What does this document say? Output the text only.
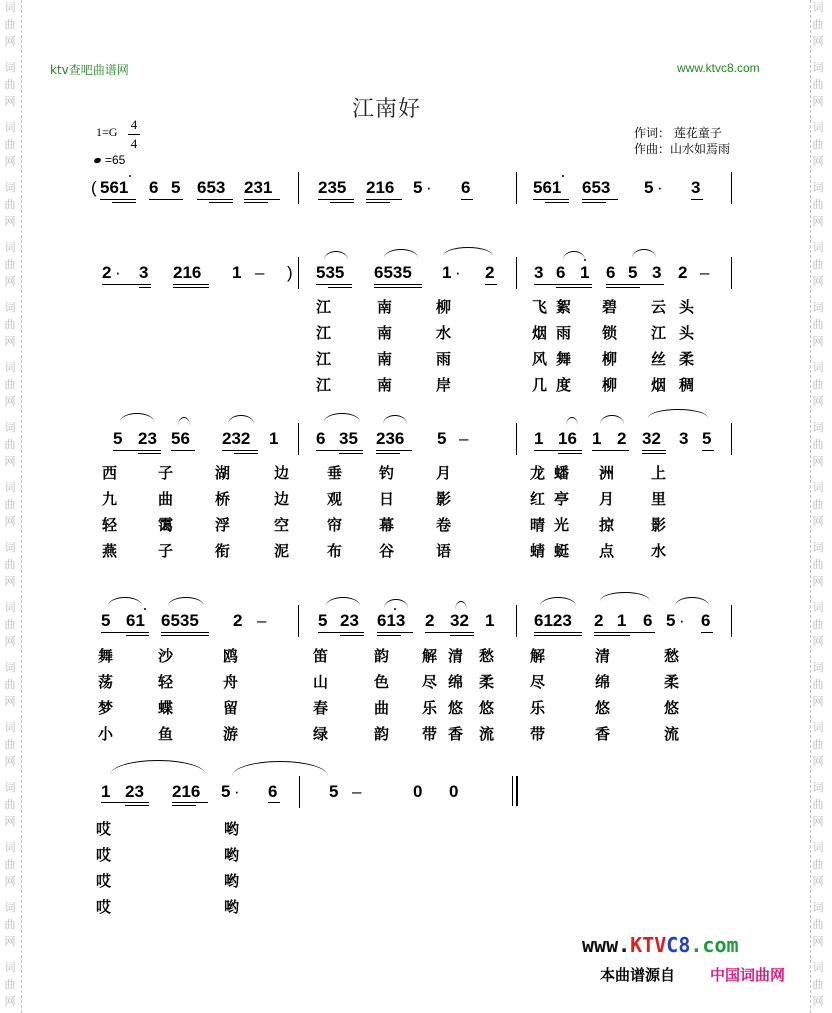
词
曲
网
词
曲
网
词
曲
网
词
曲
网
词
曲
网
词
曲
网
词
曲
网
词
曲
网
词
曲
网
词
曲
网
词
曲
网
词
曲
网
词
曲
网
词
曲
网
词
曲
网
词
曲
网
词
曲
网
词
曲
网
词
曲
网
词
曲
网
词
曲
网
词
曲
网
词
曲
网
词
曲
网
词
曲
网
词
曲
网
词
曲
网
词
曲
网
词
曲
网
词
曲
网
词
曲
网
词
曲
网
词
曲
网
词
曲
网
ktv查吧曲谱网	www.ktvc8.com
江南好
1=G 4
4
=65
作词： 莲花童子
作曲：山水如焉雨
( 561 6 5 653 231	235 216 5 · 6	561 653 5 · 3
2 · 3 216 1 – ) 535 6535 1 · 2 3 6 1 6 5 3 2 –
江	南	柳	飞 絮 碧 云 头
江	南	水	烟 雨 锁 江 头
江	南	雨	风 舞 柳 丝 柔
江	南	岸	几 度 柳 烟 稠
5 23 56 232 1 6 35 236 5 –	1 16 1 2 32 3 5
西	子	湖	边	垂 钓	月	龙 蟠 洲 上
九	曲	桥	边	观 日	影	红 亭 月 里
轻	霭	浮	空	帘 幕	卷	晴 光 掠 影
燕	子	衔	泥	布 谷	语	蜻 蜓 点 水
5 61 6535 2 –	5 23 613 2 32 1 6123 2 1 6 5 · 6
舞	沙	鸥	笛	韵 解 清 愁 解	清	愁
荡	轻	舟	山	色 尽 绵 柔 尽	绵	柔
梦	蝶	留	春	曲 乐 悠 悠 乐	悠	悠
小	鱼	游	绿	韵 带 香 流 带	香	流
1 23 216 5 · 6	5 –	0 0
哎	哟
哎	哟
哎	哟
哎	哟
www.KTVC8.com
本曲谱源自 中国词曲网
